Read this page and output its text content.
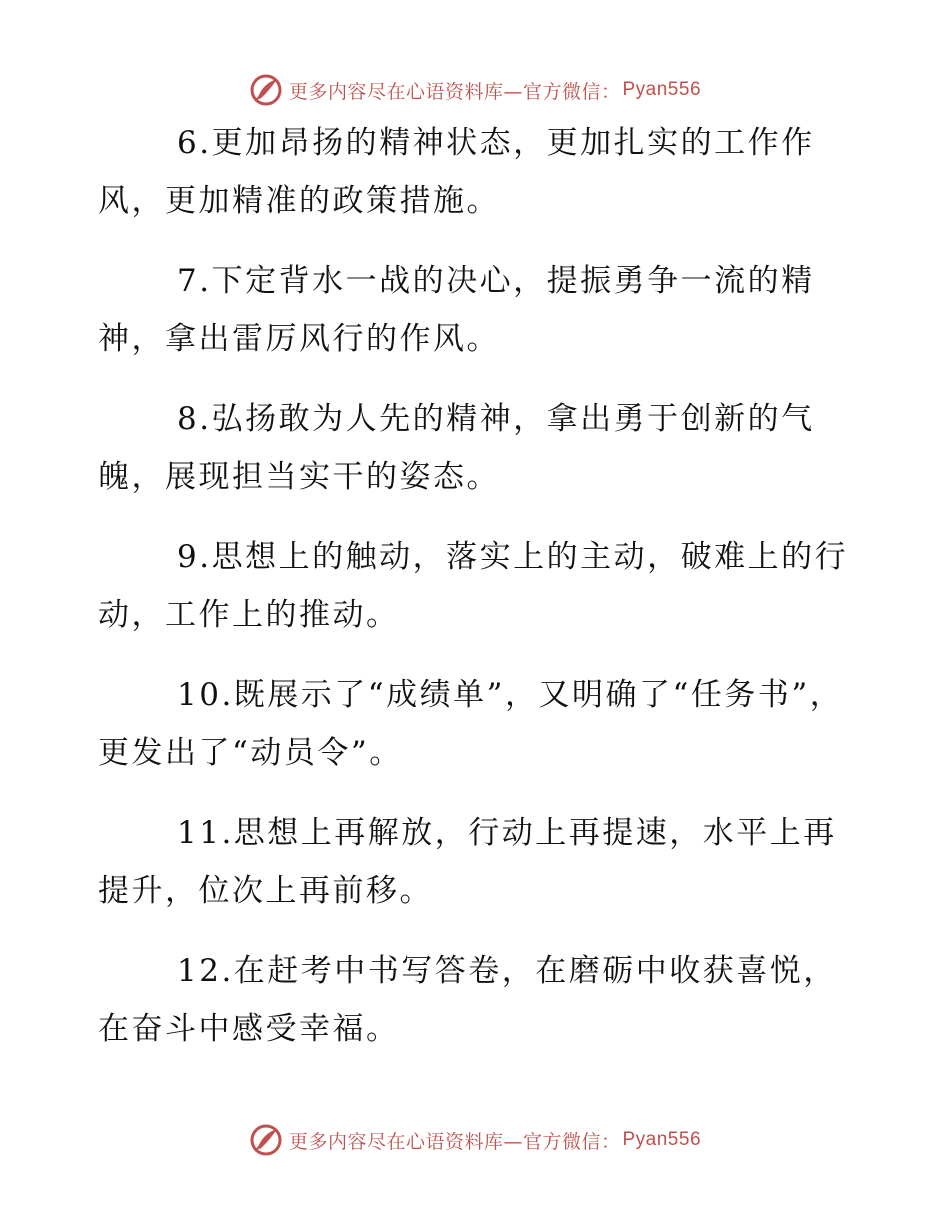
更多内容尽在心语资料库—官方微信： Pyan556

6.更加昂扬的精神状态，更加扎实的工作作风，更加精准的政策措施。

7.下定背水一战的决心，提振勇争一流的精神，拿出雷厉风行的作风。

8.弘扬敢为人先的精神，拿出勇于创新的气魄，展现担当实干的姿态。

9.思想上的触动，落实上的主动，破难上的行动，工作上的推动。

10.既展示了“成绩单”，又明确了“任务书”，更发出了“动员令”。

11.思想上再解放，行动上再提速，水平上再提升，位次上再前移。

12.在赶考中书写答卷，在磨砺中收获喜悦，在奋斗中感受幸福。

更多内容尽在心语资料库—官方微信： Pyan556
